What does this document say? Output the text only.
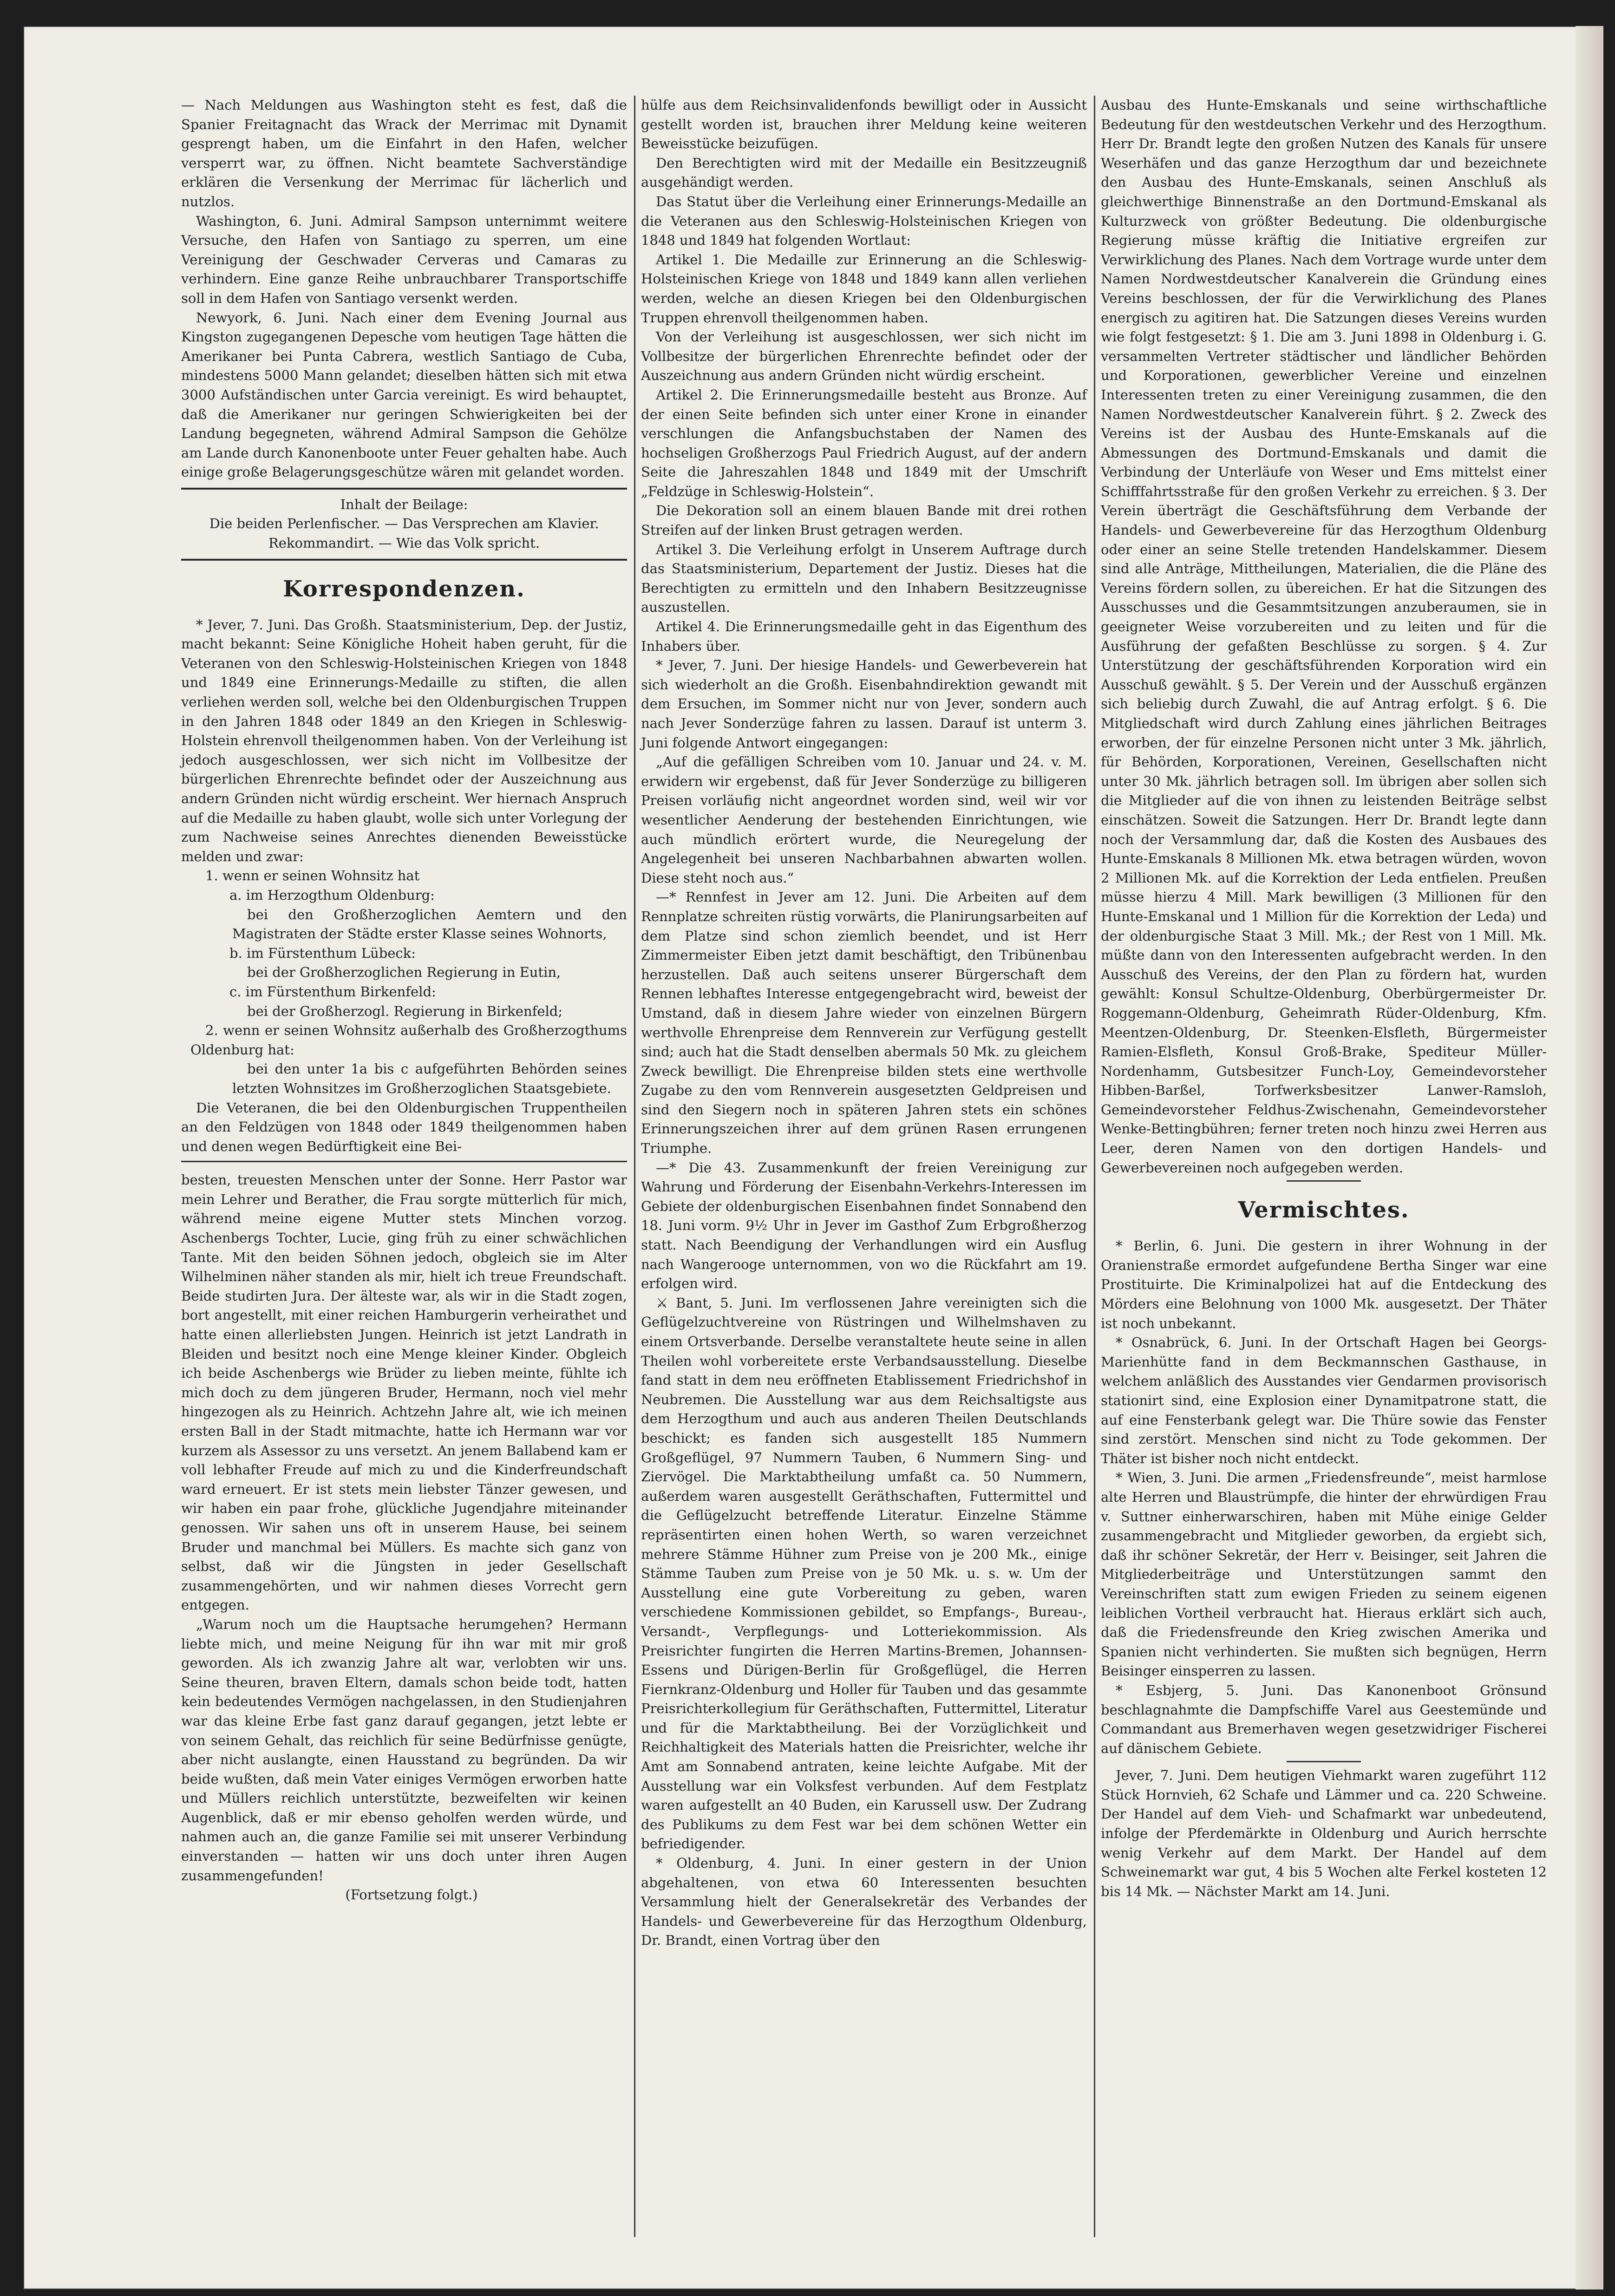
— Nach Meldungen aus Washington steht es fest, daß die Spanier Freitagnacht das Wrack der Merrimac mit Dynamit gesprengt haben, um die Einfahrt in den Hafen, welcher versperrt war, zu öffnen. Nicht beamtete Sachverständige erklären die Versenkung der Merrimac für lächerlich und nutzlos.

Washington, 6. Juni. Admiral Sampson unternimmt weitere Versuche, den Hafen von Santiago zu sperren, um eine Vereinigung der Geschwader Cerveras und Camaras zu verhindern. Eine ganze Reihe unbrauchbarer Transportschiffe soll in dem Hafen von Santiago versenkt werden.

Newyork, 6. Juni. Nach einer dem Evening Journal aus Kingston zugegangenen Depesche vom heutigen Tage hätten die Amerikaner bei Punta Cabrera, westlich Santiago de Cuba, mindestens 5000 Mann gelandet; dieselben hätten sich mit etwa 3000 Aufständischen unter Garcia vereinigt. Es wird behauptet, daß die Amerikaner nur geringen Schwierigkeiten bei der Landung begegneten, während Admiral Sampson die Gehölze am Lande durch Kanonenboote unter Feuer gehalten habe. Auch einige große Belagerungsgeschütze wären mit gelandet worden.

Inhalt der Beilage:

Die beiden Perlenfischer. — Das Versprechen am Klavier. Rekommandirt. — Wie das Volk spricht.

Korrespondenzen.

* Jever, 7. Juni. Das Großh. Staatsministerium, Dep. der Justiz, macht bekannt: Seine Königliche Hoheit haben geruht, für die Veteranen von den Schleswig-Holsteinischen Kriegen von 1848 und 1849 eine Erinnerungs-Medaille zu stiften, die allen verliehen werden soll, welche bei den Oldenburgischen Truppen in den Jahren 1848 oder 1849 an den Kriegen in Schleswig-Holstein ehrenvoll theilgenommen haben. Von der Verleihung ist jedoch ausgeschlossen, wer sich nicht im Vollbesitze der bürgerlichen Ehrenrechte befindet oder der Auszeichnung aus andern Gründen nicht würdig erscheint. Wer hiernach Anspruch auf die Medaille zu haben glaubt, wolle sich unter Vorlegung der zum Nachweise seines Anrechtes dienenden Beweisstücke melden und zwar:

1. wenn er seinen Wohnsitz hat

a. im Herzogthum Oldenburg:

bei den Großherzoglichen Aemtern und den Magistraten der Städte erster Klasse seines Wohnorts,

b. im Fürstenthum Lübeck:

bei der Großherzoglichen Regierung in Eutin,

c. im Fürstenthum Birkenfeld:

bei der Großherzogl. Regierung in Birkenfeld;

2. wenn er seinen Wohnsitz außerhalb des Großherzogthums Oldenburg hat:

bei den unter 1a bis c aufgeführten Behörden seines letzten Wohnsitzes im Großherzoglichen Staatsgebiete.

Die Veteranen, die bei den Oldenburgischen Truppentheilen an den Feldzügen von 1848 oder 1849 theilgenommen haben und denen wegen Bedürftigkeit eine Bei-

besten, treuesten Menschen unter der Sonne. Herr Pastor war mein Lehrer und Berather, die Frau sorgte mütterlich für mich, während meine eigene Mutter stets Minchen vorzog. Aschenbergs Tochter, Lucie, ging früh zu einer schwächlichen Tante. Mit den beiden Söhnen jedoch, obgleich sie im Alter Wilhelminen näher standen als mir, hielt ich treue Freundschaft. Beide studirten Jura. Der älteste war, als wir in die Stadt zogen, bort angestellt, mit einer reichen Hamburgerin verheirathet und hatte einen allerliebsten Jungen. Heinrich ist jetzt Landrath in Bleiden und besitzt noch eine Menge kleiner Kinder. Obgleich ich beide Aschenbergs wie Brüder zu lieben meinte, fühlte ich mich doch zu dem jüngeren Bruder, Hermann, noch viel mehr hingezogen als zu Heinrich. Achtzehn Jahre alt, wie ich meinen ersten Ball in der Stadt mitmachte, hatte ich Hermann war vor kurzem als Assessor zu uns versetzt. An jenem Ballabend kam er voll lebhafter Freude auf mich zu und die Kinderfreundschaft ward erneuert. Er ist stets mein liebster Tänzer gewesen, und wir haben ein paar frohe, glückliche Jugendjahre miteinander genossen. Wir sahen uns oft in unserem Hause, bei seinem Bruder und manchmal bei Müllers. Es machte sich ganz von selbst, daß wir die Jüngsten in jeder Gesellschaft zusammengehörten, und wir nahmen dieses Vorrecht gern entgegen.

„Warum noch um die Hauptsache herumgehen? Hermann liebte mich, und meine Neigung für ihn war mit mir groß geworden. Als ich zwanzig Jahre alt war, verlobten wir uns. Seine theuren, braven Eltern, damals schon beide todt, hatten kein bedeutendes Vermögen nachgelassen, in den Studienjahren war das kleine Erbe fast ganz darauf gegangen, jetzt lebte er von seinem Gehalt, das reichlich für seine Bedürfnisse genügte, aber nicht auslangte, einen Hausstand zu begründen. Da wir beide wußten, daß mein Vater einiges Vermögen erworben hatte und Müllers reichlich unterstützte, bezweifelten wir keinen Augenblick, daß er mir ebenso geholfen werden würde, und nahmen auch an, die ganze Familie sei mit unserer Verbindung einverstanden — hatten wir uns doch unter ihren Augen zusammengefunden!

(Fortsetzung folgt.)

hülfe aus dem Reichsinvalidenfonds bewilligt oder in Aussicht gestellt worden ist, brauchen ihrer Meldung keine weiteren Beweisstücke beizufügen.

Den Berechtigten wird mit der Medaille ein Besitzzeugniß ausgehändigt werden.

Das Statut über die Verleihung einer Erinnerungs-Medaille an die Veteranen aus den Schleswig-Holsteinischen Kriegen von 1848 und 1849 hat folgenden Wortlaut:

Artikel 1. Die Medaille zur Erinnerung an die Schleswig-Holsteinischen Kriege von 1848 und 1849 kann allen verliehen werden, welche an diesen Kriegen bei den Oldenburgischen Truppen ehrenvoll theilgenommen haben.

Von der Verleihung ist ausgeschlossen, wer sich nicht im Vollbesitze der bürgerlichen Ehrenrechte befindet oder der Auszeichnung aus andern Gründen nicht würdig erscheint.

Artikel 2. Die Erinnerungsmedaille besteht aus Bronze. Auf der einen Seite befinden sich unter einer Krone in einander verschlungen die Anfangsbuchstaben der Namen des hochseligen Großherzogs Paul Friedrich August, auf der andern Seite die Jahreszahlen 1848 und 1849 mit der Umschrift „Feldzüge in Schleswig-Holstein“.

Die Dekoration soll an einem blauen Bande mit drei rothen Streifen auf der linken Brust getragen werden.

Artikel 3. Die Verleihung erfolgt in Unserem Auftrage durch das Staatsministerium, Departement der Justiz. Dieses hat die Berechtigten zu ermitteln und den Inhabern Besitzzeugnisse auszustellen.

Artikel 4. Die Erinnerungsmedaille geht in das Eigenthum des Inhabers über.

* Jever, 7. Juni. Der hiesige Handels- und Gewerbeverein hat sich wiederholt an die Großh. Eisenbahndirektion gewandt mit dem Ersuchen, im Sommer nicht nur von Jever, sondern auch nach Jever Sonderzüge fahren zu lassen. Darauf ist unterm 3. Juni folgende Antwort eingegangen:

„Auf die gefälligen Schreiben vom 10. Januar und 24. v. M. erwidern wir ergebenst, daß für Jever Sonderzüge zu billigeren Preisen vorläufig nicht angeordnet worden sind, weil wir vor wesentlicher Aenderung der bestehenden Einrichtungen, wie auch mündlich erörtert wurde, die Neuregelung der Angelegenheit bei unseren Nachbarbahnen abwarten wollen. Diese steht noch aus.“

—* Rennfest in Jever am 12. Juni. Die Arbeiten auf dem Rennplatze schreiten rüstig vorwärts, die Planirungsarbeiten auf dem Platze sind schon ziemlich beendet, und ist Herr Zimmermeister Eiben jetzt damit beschäftigt, den Tribünenbau herzustellen. Daß auch seitens unserer Bürgerschaft dem Rennen lebhaftes Interesse entgegengebracht wird, beweist der Umstand, daß in diesem Jahre wieder von einzelnen Bürgern werthvolle Ehrenpreise dem Rennverein zur Verfügung gestellt sind; auch hat die Stadt denselben abermals 50 Mk. zu gleichem Zweck bewilligt. Die Ehrenpreise bilden stets eine werthvolle Zugabe zu den vom Rennverein ausgesetzten Geldpreisen und sind den Siegern noch in späteren Jahren stets ein schönes Erinnerungszeichen ihrer auf dem grünen Rasen errungenen Triumphe.

—* Die 43. Zusammenkunft der freien Vereinigung zur Wahrung und Förderung der Eisenbahn-Verkehrs-Interessen im Gebiete der oldenburgischen Eisenbahnen findet Sonnabend den 18. Juni vorm. 9½ Uhr in Jever im Gasthof Zum Erbgroßherzog statt. Nach Beendigung der Verhandlungen wird ein Ausflug nach Wangerooge unternommen, von wo die Rückfahrt am 19. erfolgen wird.

⚔ Bant, 5. Juni. Im verflossenen Jahre vereinigten sich die Geflügelzuchtvereine von Rüstringen und Wilhelmshaven zu einem Ortsverbande. Derselbe veranstaltete heute seine in allen Theilen wohl vorbereitete erste Verbandsausstellung. Dieselbe fand statt in dem neu eröffneten Etablissement Friedrichshof in Neubremen. Die Ausstellung war aus dem Reichsaltigste aus dem Herzogthum und auch aus anderen Theilen Deutschlands beschickt; es fanden sich ausgestellt 185 Nummern Großgeflügel, 97 Nummern Tauben, 6 Nummern Sing- und Ziervögel. Die Marktabtheilung umfaßt ca. 50 Nummern, außerdem waren ausgestellt Geräthschaften, Futtermittel und die Geflügelzucht betreffende Literatur. Einzelne Stämme repräsentirten einen hohen Werth, so waren verzeichnet mehrere Stämme Hühner zum Preise von je 200 Mk., einige Stämme Tauben zum Preise von je 50 Mk. u. s. w. Um der Ausstellung eine gute Vorbereitung zu geben, waren verschiedene Kommissionen gebildet, so Empfangs-, Bureau-, Versandt-, Verpflegungs- und Lotteriekommission. Als Preisrichter fungirten die Herren Martins-Bremen, Johannsen-Essens und Dürigen-Berlin für Großgeflügel, die Herren Fiernkranz-Oldenburg und Holler für Tauben und das gesammte Preisrichterkollegium für Geräthschaften, Futtermittel, Literatur und für die Marktabtheilung. Bei der Vorzüglichkeit und Reichhaltigkeit des Materials hatten die Preisrichter, welche ihr Amt am Sonnabend antraten, keine leichte Aufgabe. Mit der Ausstellung war ein Volksfest verbunden. Auf dem Festplatz waren aufgestellt an 40 Buden, ein Karussell usw. Der Zudrang des Publikums zu dem Fest war bei dem schönen Wetter ein befriedigender.

* Oldenburg, 4. Juni. In einer gestern in der Union abgehaltenen, von etwa 60 Interessenten besuchten Versammlung hielt der Generalsekretär des Verbandes der Handels- und Gewerbevereine für das Herzogthum Oldenburg, Dr. Brandt, einen Vortrag über den

Ausbau des Hunte-Emskanals und seine wirthschaftliche Bedeutung für den westdeutschen Verkehr und des Herzogthum. Herr Dr. Brandt legte den großen Nutzen des Kanals für unsere Weserhäfen und das ganze Herzogthum dar und bezeichnete den Ausbau des Hunte-Emskanals, seinen Anschluß als gleichwerthige Binnenstraße an den Dortmund-Emskanal als Kulturzweck von größter Bedeutung. Die oldenburgische Regierung müsse kräftig die Initiative ergreifen zur Verwirklichung des Planes. Nach dem Vortrage wurde unter dem Namen Nordwestdeutscher Kanalverein die Gründung eines Vereins beschlossen, der für die Verwirklichung des Planes energisch zu agitiren hat. Die Satzungen dieses Vereins wurden wie folgt festgesetzt: § 1. Die am 3. Juni 1898 in Oldenburg i. G. versammelten Vertreter städtischer und ländlicher Behörden und Korporationen, gewerblicher Vereine und einzelnen Interessenten treten zu einer Vereinigung zusammen, die den Namen Nordwestdeutscher Kanalverein führt. § 2. Zweck des Vereins ist der Ausbau des Hunte-Emskanals auf die Abmessungen des Dortmund-Emskanals und damit die Verbindung der Unterläufe von Weser und Ems mittelst einer Schifffahrtsstraße für den großen Verkehr zu erreichen. § 3. Der Verein überträgt die Geschäftsführung dem Verbande der Handels- und Gewerbevereine für das Herzogthum Oldenburg oder einer an seine Stelle tretenden Handelskammer. Diesem sind alle Anträge, Mittheilungen, Materialien, die die Pläne des Vereins fördern sollen, zu übereichen. Er hat die Sitzungen des Ausschusses und die Gesammtsitzungen anzuberaumen, sie in geeigneter Weise vorzubereiten und zu leiten und für die Ausführung der gefaßten Beschlüsse zu sorgen. § 4. Zur Unterstützung der geschäftsführenden Korporation wird ein Ausschuß gewählt. § 5. Der Verein und der Ausschuß ergänzen sich beliebig durch Zuwahl, die auf Antrag erfolgt. § 6. Die Mitgliedschaft wird durch Zahlung eines jährlichen Beitrages erworben, der für einzelne Personen nicht unter 3 Mk. jährlich, für Behörden, Korporationen, Vereinen, Gesellschaften nicht unter 30 Mk. jährlich betragen soll. Im übrigen aber sollen sich die Mitglieder auf die von ihnen zu leistenden Beiträge selbst einschätzen. Soweit die Satzungen. Herr Dr. Brandt legte dann noch der Versammlung dar, daß die Kosten des Ausbaues des Hunte-Emskanals 8 Millionen Mk. etwa betragen würden, wovon 2 Millionen Mk. auf die Korrektion der Leda entfielen. Preußen müsse hierzu 4 Mill. Mark bewilligen (3 Millionen für den Hunte-Emskanal und 1 Million für die Korrektion der Leda) und der oldenburgische Staat 3 Mill. Mk.; der Rest von 1 Mill. Mk. müßte dann von den Interessenten aufgebracht werden. In den Ausschuß des Vereins, der den Plan zu fördern hat, wurden gewählt: Konsul Schultze-Oldenburg, Oberbürgermeister Dr. Roggemann-Oldenburg, Geheimrath Rüder-Oldenburg, Kfm. Meentzen-Oldenburg, Dr. Steenken-Elsfleth, Bürgermeister Ramien-Elsfleth, Konsul Groß-Brake, Spediteur Müller-Nordenhamm, Gutsbesitzer Funch-Loy, Gemeindevorsteher Hibben-Barßel, Torfwerksbesitzer Lanwer-Ramsloh, Gemeindevorsteher Feldhus-Zwischenahn, Gemeindevorsteher Wenke-Bettingbühren; ferner treten noch hinzu zwei Herren aus Leer, deren Namen von den dortigen Handels- und Gewerbevereinen noch aufgegeben werden.

Vermischtes.

* Berlin, 6. Juni. Die gestern in ihrer Wohnung in der Oranienstraße ermordet aufgefundene Bertha Singer war eine Prostituirte. Die Kriminalpolizei hat auf die Entdeckung des Mörders eine Belohnung von 1000 Mk. ausgesetzt. Der Thäter ist noch unbekannt.

* Osnabrück, 6. Juni. In der Ortschaft Hagen bei Georgs-Marienhütte fand in dem Beckmannschen Gasthause, in welchem anläßlich des Ausstandes vier Gendarmen provisorisch stationirt sind, eine Explosion einer Dynamitpatrone statt, die auf eine Fensterbank gelegt war. Die Thüre sowie das Fenster sind zerstört. Menschen sind nicht zu Tode gekommen. Der Thäter ist bisher noch nicht entdeckt.

* Wien, 3. Juni. Die armen „Friedensfreunde“, meist harmlose alte Herren und Blaustrümpfe, die hinter der ehrwürdigen Frau v. Suttner einherwarschiren, haben mit Mühe einige Gelder zusammengebracht und Mitglieder geworben, da ergiebt sich, daß ihr schöner Sekretär, der Herr v. Beisinger, seit Jahren die Mitgliederbeiträge und Unterstützungen sammt den Vereinschriften statt zum ewigen Frieden zu seinem eigenen leiblichen Vortheil verbraucht hat. Hieraus erklärt sich auch, daß die Friedensfreunde den Krieg zwischen Amerika und Spanien nicht verhinderten. Sie mußten sich begnügen, Herrn Beisinger einsperren zu lassen.

* Esbjerg, 5. Juni. Das Kanonenboot Grönsund beschlagnahmte die Dampfschiffe Varel aus Geestemünde und Commandant aus Bremerhaven wegen gesetzwidriger Fischerei auf dänischem Gebiete.

Jever, 7. Juni. Dem heutigen Viehmarkt waren zugeführt 112 Stück Hornvieh, 62 Schafe und Lämmer und ca. 220 Schweine. Der Handel auf dem Vieh- und Schafmarkt war unbedeutend, infolge der Pferdemärkte in Oldenburg und Aurich herrschte wenig Verkehr auf dem Markt. Der Handel auf dem Schweinemarkt war gut, 4 bis 5 Wochen alte Ferkel kosteten 12 bis 14 Mk. — Nächster Markt am 14. Juni.
